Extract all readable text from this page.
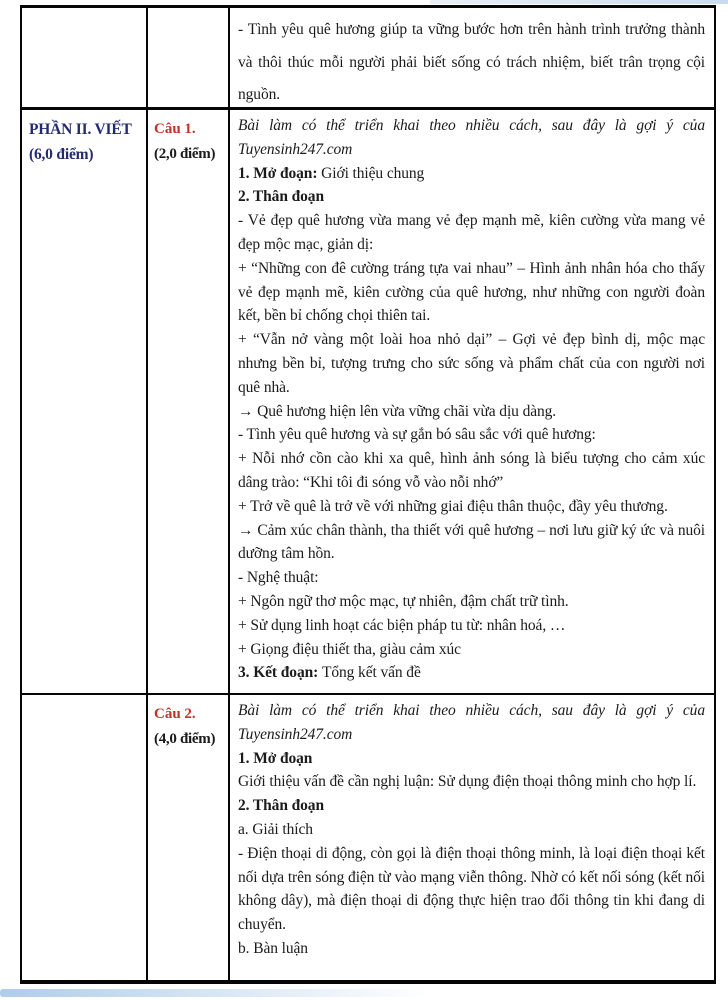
- Tình yêu quê hương giúp ta vững bước hơn trên hành trình trưởng thành và thôi thúc mỗi người phải biết sống có trách nhiệm, biết trân trọng cội nguồn.

PHẦN II. VIẾT
(6,0 điểm)
Câu 1.
(2,0 điểm)

Bài làm có thể triển khai theo nhiều cách, sau đây là gợi ý của Tuyensinh247.com

1. Mở đoạn: Giới thiệu chung

2. Thân đoạn

- Vẻ đẹp quê hương vừa mang vẻ đẹp mạnh mẽ, kiên cường vừa mang vẻ đẹp mộc mạc, giản dị:

+ “Những con đê cường tráng tựa vai nhau” – Hình ảnh nhân hóa cho thấy vẻ đẹp mạnh mẽ, kiên cường của quê hương, như những con người đoàn kết, bền bỉ chống chọi thiên tai.

+ “Vẫn nở vàng một loài hoa nhỏ dại” – Gợi vẻ đẹp bình dị, mộc mạc nhưng bền bỉ, tượng trưng cho sức sống và phẩm chất của con người nơi quê nhà.

→ Quê hương hiện lên vừa vững chãi vừa dịu dàng.

- Tình yêu quê hương và sự gắn bó sâu sắc với quê hương:

+ Nỗi nhớ cồn cào khi xa quê, hình ảnh sóng là biểu tượng cho cảm xúc dâng trào: “Khi tôi đi sóng vỗ vào nỗi nhớ”

+ Trở về quê là trở về với những giai điệu thân thuộc, đầy yêu thương.

→ Cảm xúc chân thành, tha thiết với quê hương – nơi lưu giữ ký ức và nuôi dưỡng tâm hồn.

- Nghệ thuật:

+ Ngôn ngữ thơ mộc mạc, tự nhiên, đậm chất trữ tình.

+ Sử dụng linh hoạt các biện pháp tu từ: nhân hoá, …

+ Giọng điệu thiết tha, giàu cảm xúc

3. Kết đoạn: Tổng kết vấn đề

Câu 2.
(4,0 điểm)

Bài làm có thể triển khai theo nhiều cách, sau đây là gợi ý của Tuyensinh247.com

1. Mở đoạn

Giới thiệu vấn đề cần nghị luận: Sử dụng điện thoại thông minh cho hợp lí.

2. Thân đoạn

a. Giải thích

- Điện thoại di động, còn gọi là điện thoại thông minh, là loại điện thoại kết nối dựa trên sóng điện từ vào mạng viễn thông. Nhờ có kết nối sóng (kết nối không dây), mà điện thoại di động thực hiện trao đổi thông tin khi đang di chuyển.

b. Bàn luận
